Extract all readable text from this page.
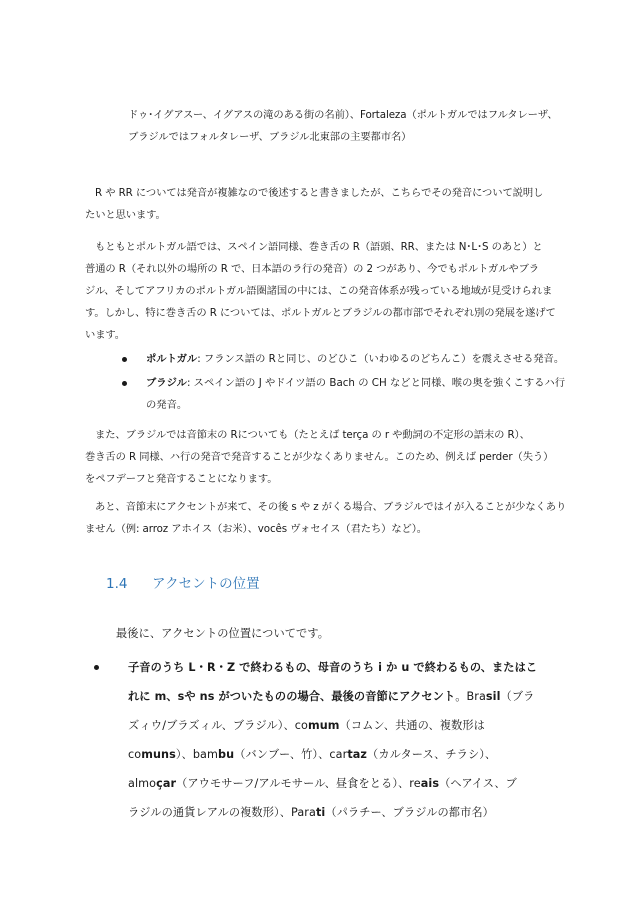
ドゥ･イグアスー、イグアスの滝のある街の名前）、Fortaleza（ポルトガルではフルタレーザ、
ブラジルではフォルタレーザ、ブラジル北東部の主要都市名）
R や RR については発音が複雑なので後述すると書きましたが、こちらでその発音について説明し
たいと思います。
もともとポルトガル語では、スペイン語同様、巻き舌の R（語頭、RR、または N･L･S のあと）と
普通の R（それ以外の場所の R で、日本語のラ行の発音）の 2 つがあり、今でもポルトガルやブラ
ジル、そしてアフリカのポルトガル語圏諸国の中には、この発音体系が残っている地域が見受けられま
す。しかし、特に巻き舌の R については、ポルトガルとブラジルの都市部でそれぞれ別の発展を遂げて
います。
ポルトガル: フランス語の Rと同じ、のどひこ（いわゆるのどちんこ）を震えさせる発音。
ブラジル: スペイン語の J やドイツ語の Bach の CH などと同様、喉の奥を強くこするハ行
の発音。
また、ブラジルでは音節末の Rについても（たとえば terça の r や動詞の不定形の語末の R）、
巻き舌の R 同様、ハ行の発音で発音することが少なくありません。このため、例えば perder（失う）
をペフデーフと発音することになります。
あと、音節末にアクセントが来て、その後 s や z がくる場合、ブラジルではイが入ることが少なくあり
ません（例: arroz アホイス（お米）、vocês ヴォセイス（君たち）など）。
1.4 アクセントの位置
最後に、アクセントの位置についてです。
子音のうち L・R・Z で終わるもの、母音のうち i か u で終わるもの、またはこ
れに m、sや ns がついたものの場合、最後の音節にアクセント。Brasil（ブラ
ズィウ/ブラズィル、ブラジル）、comum（コムン、共通の、複数形は
comuns）、bambu（バンブー、竹）、cartaz（カルタース、チラシ）、
almoçar（アウモサーフ/アルモサール、昼食をとる）、reais（ヘアイス、ブ
ラジルの通貨レアルの複数形）、Parati（パラチー、ブラジルの都市名）
